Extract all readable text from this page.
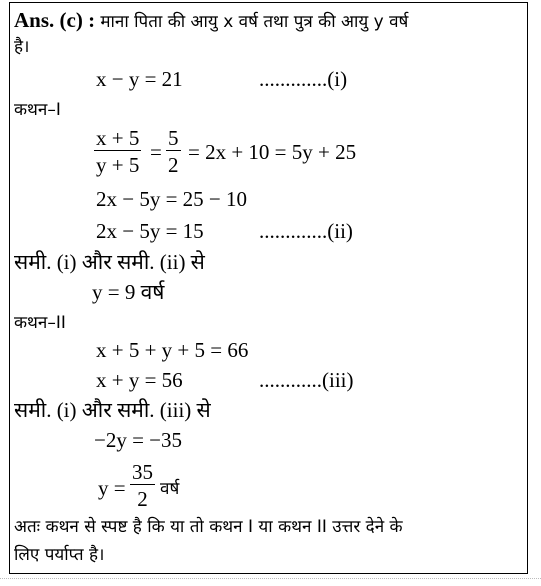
Ans. (c) : माना पिता की आयु x वर्ष तथा पुत्र की आयु y वर्ष
है।
x − y = 21	.............(i)
कथन–I
$\frac{x + 5}{y + 5} = \frac{5}{2} = 2x + 10 = 5y + 25$
2x − 5y = 25 − 10
2x − 5y = 15	.............(ii)
समी. (i) और समी. (ii) से
y = 9 वर्ष
कथन–II
x + 5 + y + 5 = 66
x + y = 56	............(iii)
समी. (i) और समी. (iii) से
−2y = −35
$y = \frac{35}{2}$ वर्ष
अतः कथन से स्पष्ट है कि या तो कथन I या कथन II उत्तर देने के
लिए पर्याप्त है।
